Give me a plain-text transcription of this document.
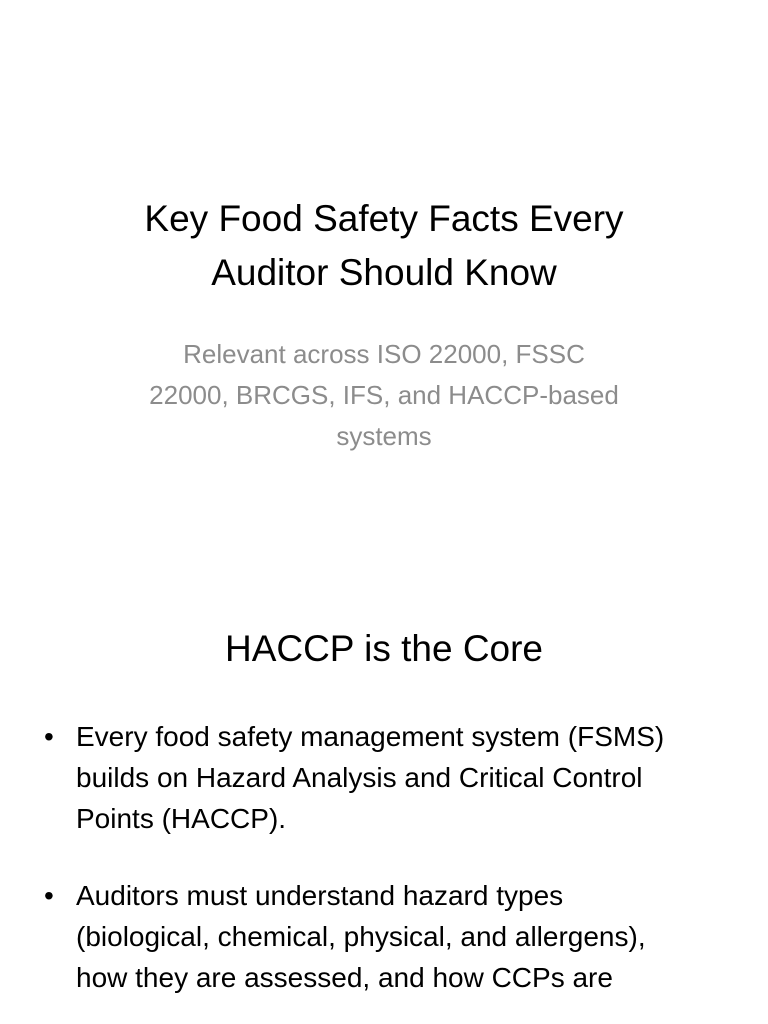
Key Food Safety Facts Every
Auditor Should Know
Relevant across ISO 22000, FSSC
22000, BRCGS, IFS, and HACCP-based
systems
HACCP is the Core
• Every food safety management system (FSMS)
builds on Hazard Analysis and Critical Control
Points (HACCP).
• Auditors must understand hazard types
(biological, chemical, physical, and allergens),
how they are assessed, and how CCPs are
